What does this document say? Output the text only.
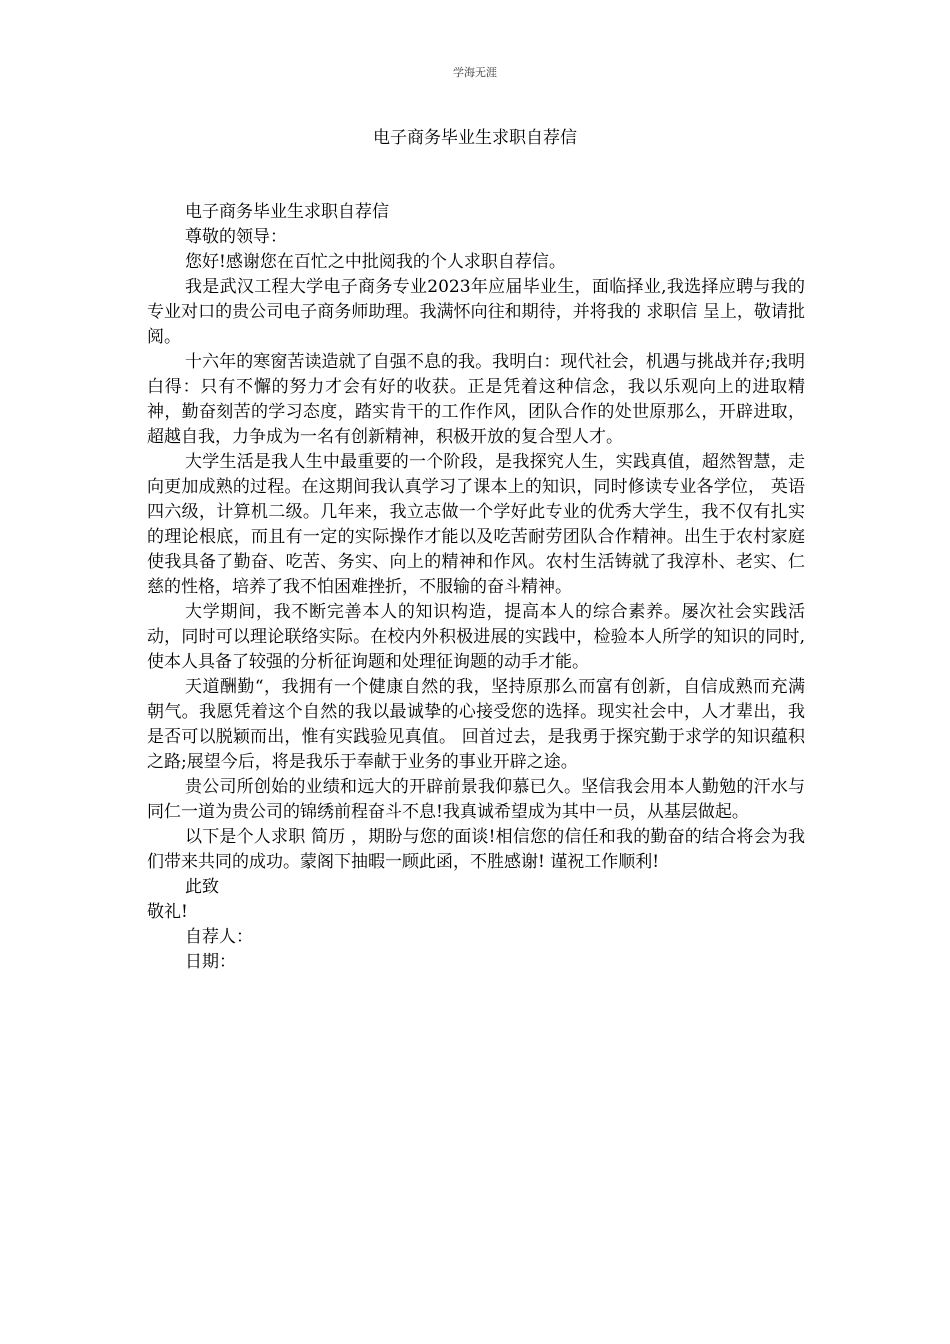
学海无涯
电子商务毕业生求职自荐信

电子商务毕业生求职自荐信

尊敬的领导：

您好!感谢您在百忙之中批阅我的个人求职自荐信。

我是武汉工程大学电子商务专业2023年应届毕业生，面临择业,我选择应聘与我的专业对口的贵公司电子商务师助理。我满怀向往和期待，并将我的 求职信 呈上，敬请批阅。

十六年的寒窗苦读造就了自强不息的我。我明白：现代社会，机遇与挑战并存;我明白得：只有不懈的努力才会有好的收获。正是凭着这种信念，我以乐观向上的进取精神，勤奋刻苦的学习态度，踏实肯干的工作作风，团队合作的处世原那么，开辟进取，超越自我，力争成为一名有创新精神，积极开放的复合型人才。

大学生活是我人生中最重要的一个阶段，是我探究人生，实践真值，超然智慧，走向更加成熟的过程。在这期间我认真学习了课本上的知识，同时修读专业各学位， 英语 四六级，计算机二级。几年来，我立志做一个学好此专业的优秀大学生，我不仅有扎实的理论根底，而且有一定的实际操作才能以及吃苦耐劳团队合作精神。出生于农村家庭使我具备了勤奋、吃苦、务实、向上的精神和作风。农村生活铸就了我淳朴、老实、仁慈的性格，培养了我不怕困难挫折，不服输的奋斗精神。

大学期间，我不断完善本人的知识构造，提高本人的综合素养。屡次社会实践活动，同时可以理论联络实际。在校内外积极进展的实践中，检验本人所学的知识的同时,使本人具备了较强的分析征询题和处理征询题的动手才能。

天道酬勤“，我拥有一个健康自然的我，坚持原那么而富有创新，自信成熟而充满朝气。我愿凭着这个自然的我以最诚挚的心接受您的选择。现实社会中，人才辈出，我是否可以脱颖而出，惟有实践验见真值。 回首过去，是我勇于探究勤于求学的知识蕴积之路;展望今后，将是我乐于奉献于业务的事业开辟之途。

贵公司所创始的业绩和远大的开辟前景我仰慕已久。坚信我会用本人勤勉的汗水与同仁一道为贵公司的锦绣前程奋斗不息!我真诚希望成为其中一员，从基层做起。

以下是个人求职 简历 ，期盼与您的面谈!相信您的信任和我的勤奋的结合将会为我们带来共同的成功。蒙阁下抽暇一顾此函，不胜感谢! 谨祝工作顺利!

此致

敬礼!

自荐人：

日期：
